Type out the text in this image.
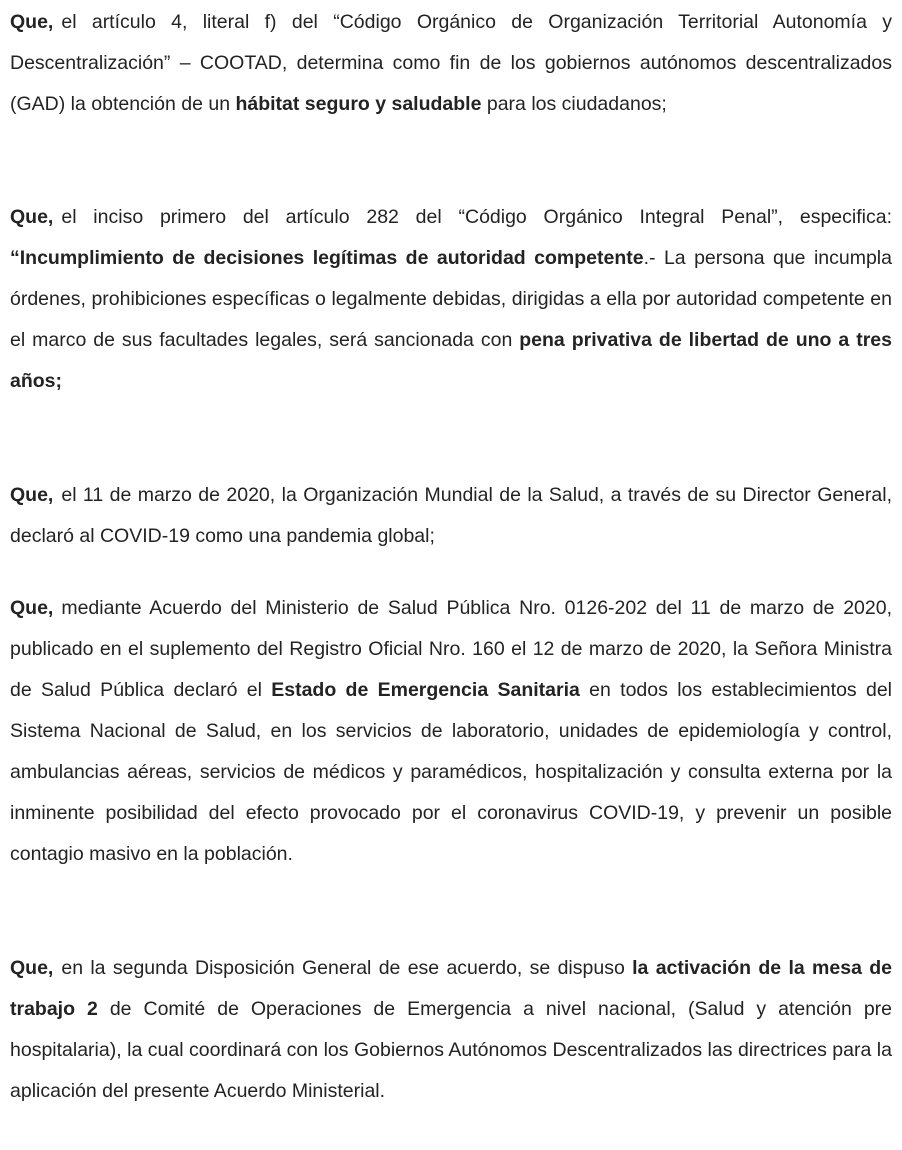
Que, el artículo 4, literal f) del “Código Orgánico de Organización Territorial Autonomía y Descentralización” – COOTAD, determina como fin de los gobiernos autónomos descentralizados (GAD) la obtención de un hábitat seguro y saludable para los ciudadanos;

Que, el inciso primero del artículo 282 del “Código Orgánico Integral Penal”, especifica: “Incumplimiento de decisiones legítimas de autoridad competente.- La persona que incumpla órdenes, prohibiciones específicas o legalmente debidas, dirigidas a ella por autoridad competente en el marco de sus facultades legales, será sancionada con pena privativa de libertad de uno a tres años;

Que, el 11 de marzo de 2020, la Organización Mundial de la Salud, a través de su Director General, declaró al COVID-19 como una pandemia global;

Que, mediante Acuerdo del Ministerio de Salud Pública Nro. 0126-202 del 11 de marzo de 2020, publicado en el suplemento del Registro Oficial Nro. 160 el 12 de marzo de 2020, la Señora Ministra de Salud Pública declaró el Estado de Emergencia Sanitaria en todos los establecimientos del Sistema Nacional de Salud, en los servicios de laboratorio, unidades de epidemiología y control, ambulancias aéreas, servicios de médicos y paramédicos, hospitalización y consulta externa por la inminente posibilidad del efecto provocado por el coronavirus COVID-19, y prevenir un posible contagio masivo en la población.

Que, en la segunda Disposición General de ese acuerdo, se dispuso la activación de la mesa de trabajo 2 de Comité de Operaciones de Emergencia a nivel nacional, (Salud y atención pre hospitalaria), la cual coordinará con los Gobiernos Autónomos Descentralizados las directrices para la aplicación del presente Acuerdo Ministerial.
